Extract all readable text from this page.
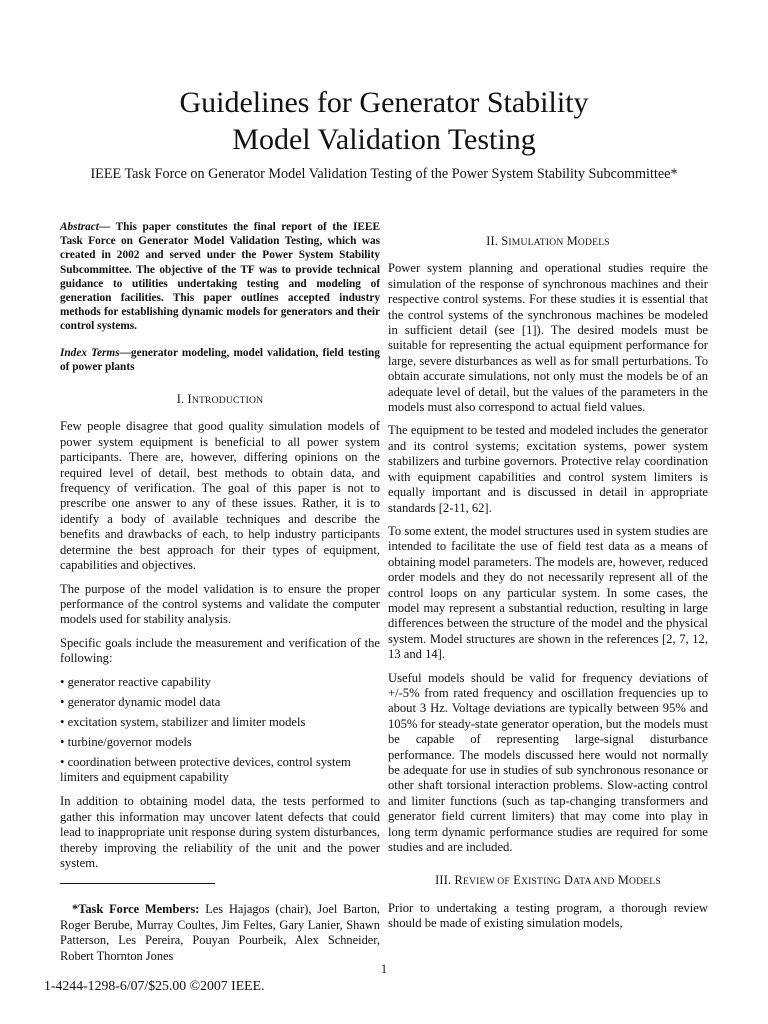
Guidelines for Generator Stability
Model Validation Testing

IEEE Task Force on Generator Model Validation Testing of the Power System Stability Subcommittee*

Abstract— This paper constitutes the final report of the IEEE Task Force on Generator Model Validation Testing, which was created in 2002 and served under the Power System Stability Subcommittee. The objective of the TF was to provide technical guidance to utilities undertaking testing and modeling of generation facilities. This paper outlines accepted industry methods for establishing dynamic models for generators and their control systems.

Index Terms—generator modeling, model validation, field testing of power plants

I. INTRODUCTION

Few people disagree that good quality simulation models of power system equipment is beneficial to all power system participants. There are, however, differing opinions on the required level of detail, best methods to obtain data, and frequency of verification. The goal of this paper is not to prescribe one answer to any of these issues. Rather, it is to identify a body of available techniques and describe the benefits and drawbacks of each, to help industry participants determine the best approach for their types of equipment, capabilities and objectives.

The purpose of the model validation is to ensure the proper performance of the control systems and validate the computer models used for stability analysis.

Specific goals include the measurement and verification of the following:

• generator reactive capability
• generator dynamic model data
• excitation system, stabilizer and limiter models
• turbine/governor models
• coordination between protective devices, control system limiters and equipment capability

In addition to obtaining model data, the tests performed to gather this information may uncover latent defects that could lead to inappropriate unit response during system disturbances, thereby improving the reliability of the unit and the power system.

*Task Force Members: Les Hajagos (chair), Joel Barton, Roger Berube, Murray Coultes, Jim Feltes, Gary Lanier, Shawn Patterson, Les Pereira, Pouyan Pourbeik, Alex Schneider, Robert Thornton Jones

II. SIMULATION MODELS

Power system planning and operational studies require the simulation of the response of synchronous machines and their respective control systems. For these studies it is essential that the control systems of the synchronous machines be modeled in sufficient detail (see [1]). The desired models must be suitable for representing the actual equipment performance for large, severe disturbances as well as for small perturbations. To obtain accurate simulations, not only must the models be of an adequate level of detail, but the values of the parameters in the models must also correspond to actual field values.

The equipment to be tested and modeled includes the generator and its control systems; excitation systems, power system stabilizers and turbine governors. Protective relay coordination with equipment capabilities and control system limiters is equally important and is discussed in detail in appropriate standards [2-11, 62].

To some extent, the model structures used in system studies are intended to facilitate the use of field test data as a means of obtaining model parameters. The models are, however, reduced order models and they do not necessarily represent all of the control loops on any particular system. In some cases, the model may represent a substantial reduction, resulting in large differences between the structure of the model and the physical system. Model structures are shown in the references [2, 7, 12, 13 and 14].

Useful models should be valid for frequency deviations of +/-5% from rated frequency and oscillation frequencies up to about 3 Hz. Voltage deviations are typically between 95% and 105% for steady-state generator operation, but the models must be capable of representing large-signal disturbance performance. The models discussed here would not normally be adequate for use in studies of sub synchronous resonance or other shaft torsional interaction problems. Slow-acting control and limiter functions (such as tap-changing transformers and generator field current limiters) that may come into play in long term dynamic performance studies are required for some studies and are included.

III. REVIEW OF EXISTING DATA AND MODELS

Prior to undertaking a testing program, a thorough review should be made of existing simulation models,

1
1-4244-1298-6/07/$25.00 ©2007 IEEE.
